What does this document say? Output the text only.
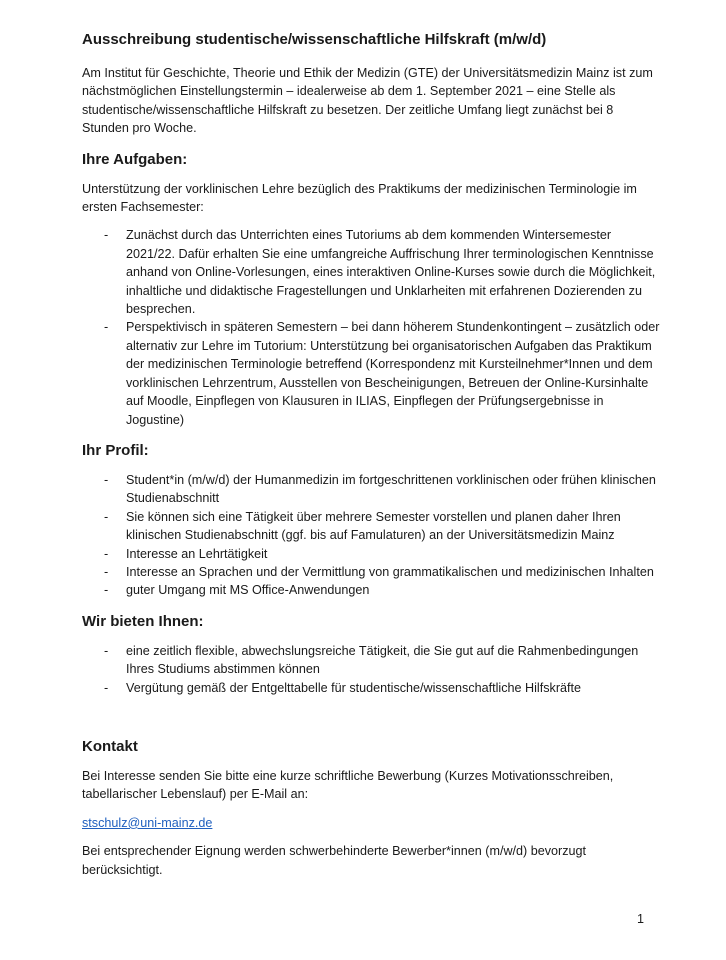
Ausschreibung studentische/wissenschaftliche Hilfskraft (m/w/d)

Am Institut für Geschichte, Theorie und Ethik der Medizin (GTE) der Universitätsmedizin Mainz ist zum nächstmöglichen Einstellungstermin – idealerweise ab dem 1. September 2021 – eine Stelle als studentische/wissenschaftliche Hilfskraft zu besetzen. Der zeitliche Umfang liegt zunächst bei 8 Stunden pro Woche.

Ihre Aufgaben:

Unterstützung der vorklinischen Lehre bezüglich des Praktikums der medizinischen Terminologie im ersten Fachsemester:

- Zunächst durch das Unterrichten eines Tutoriums ab dem kommenden Wintersemester 2021/22. Dafür erhalten Sie eine umfangreiche Auffrischung Ihrer terminologischen Kenntnisse anhand von Online-Vorlesungen, eines interaktiven Online-Kurses sowie durch die Möglichkeit, inhaltliche und didaktische Fragestellungen und Unklarheiten mit erfahrenen Dozierenden zu besprechen.
- Perspektivisch in späteren Semestern – bei dann höherem Stundenkontingent – zusätzlich oder alternativ zur Lehre im Tutorium: Unterstützung bei organisatorischen Aufgaben das Praktikum der medizinischen Terminologie betreffend (Korrespondenz mit Kursteilnehmer*Innen und dem vorklinischen Lehrzentrum, Ausstellen von Bescheinigungen, Betreuen der Online-Kursinhalte auf Moodle, Einpflegen von Klausuren in ILIAS, Einpflegen der Prüfungsergebnisse in Jogustine)
Ihr Profil:
- Student*in (m/w/d) der Humanmedizin im fortgeschrittenen vorklinischen oder frühen klinischen Studienabschnitt
- Sie können sich eine Tätigkeit über mehrere Semester vorstellen und planen daher Ihren klinischen Studienabschnitt (ggf. bis auf Famulaturen) an der Universitätsmedizin Mainz
- Interesse an Lehrtätigkeit
- Interesse an Sprachen und der Vermittlung von grammatikalischen und medizinischen Inhalten
- guter Umgang mit MS Office-Anwendungen
Wir bieten Ihnen:
- eine zeitlich flexible, abwechslungsreiche Tätigkeit, die Sie gut auf die Rahmenbedingungen Ihres Studiums abstimmen können
- Vergütung gemäß der Entgelttabelle für studentische/wissenschaftliche Hilfskräfte
Kontakt

Bei Interesse senden Sie bitte eine kurze schriftliche Bewerbung (Kurzes Motivationsschreiben, tabellarischer Lebenslauf) per E-Mail an:

stschulz@uni-mainz.de

Bei entsprechender Eignung werden schwerbehinderte Bewerber*innen (m/w/d) bevorzugt berücksichtigt.

1
